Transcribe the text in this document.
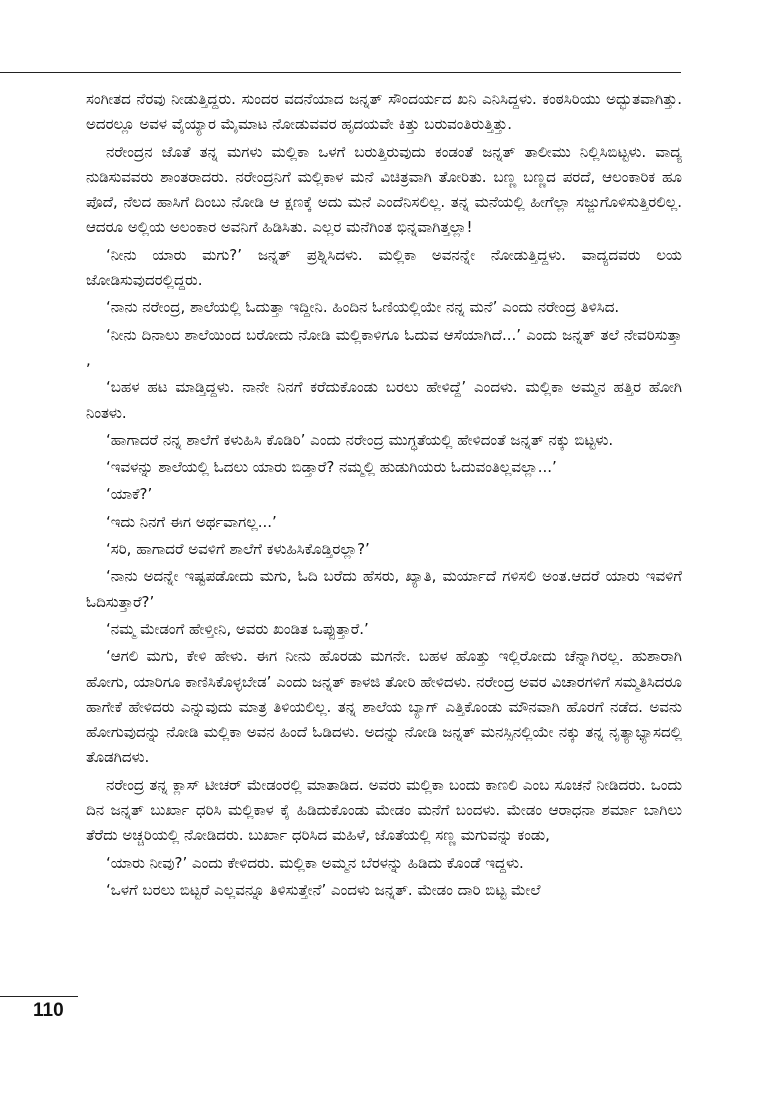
ಸಂಗೀತದ ನೆರವು ನೀಡುತ್ತಿದ್ದರು. ಸುಂದರ ವದನೆಯಾದ ಜನ್ನತ್ ಸೌಂದರ್ಯದ ಖನಿ ಎನಿಸಿದ್ದಳು. ಕಂಠಸಿರಿಯು ಅದ್ಭುತವಾಗಿತ್ತು. ಅದರಲ್ಲೂ ಅವಳ ವೈಯ್ಯಾರ ಮೈಮಾಟ ನೋಡುವವರ ಹೃದಯವೇ ಕಿತ್ತು ಬರುವಂತಿರುತ್ತಿತ್ತು.

ನರೇಂದ್ರನ ಜೊತೆ ತನ್ನ ಮಗಳು ಮಲ್ಲಿಕಾ ಒಳಗೆ ಬರುತ್ತಿರುವುದು ಕಂಡಂತೆ ಜನ್ನತ್ ತಾಲೀಮು ನಿಲ್ಲಿಸಿಬಿಟ್ಟಳು. ವಾದ್ಯ ನುಡಿಸುವವರು ಶಾಂತರಾದರು. ನರೇಂದ್ರನಿಗೆ ಮಲ್ಲಿಕಾಳ ಮನೆ ವಿಚಿತ್ರವಾಗಿ ತೋರಿತು. ಬಣ್ಣ ಬಣ್ಣದ ಪರದೆ, ಆಲಂಕಾರಿಕ ಹೂ ಪೊದೆ, ನೆಲದ ಹಾಸಿಗೆ ದಿಂಬು ನೋಡಿ ಆ ಕ್ಷಣಕ್ಕೆ ಅದು ಮನೆ ಎಂದೆನಿಸಲಿಲ್ಲ. ತನ್ನ ಮನೆಯಲ್ಲಿ ಹೀಗೆಲ್ಲಾ ಸಜ್ಜುಗೊಳಿಸುತ್ತಿರಲಿಲ್ಲ. ಆದರೂ ಅಲ್ಲಿಯ ಅಲಂಕಾರ ಅವನಿಗೆ ಹಿಡಿಸಿತು. ಎಲ್ಲರ ಮನೆಗಿಂತ ಭಿನ್ನವಾಗಿತ್ತಲ್ಲಾ!

‘ನೀನು ಯಾರು ಮಗು?’ ಜನ್ನತ್ ಪ್ರಶ್ನಿಸಿದಳು. ಮಲ್ಲಿಕಾ ಅವನನ್ನೇ ನೋಡುತ್ತಿದ್ದಳು. ವಾದ್ಯದವರು ಲಯ ಜೋಡಿಸುವುದರಲ್ಲಿದ್ದರು.

‘ನಾನು ನರೇಂದ್ರ, ಶಾಲೆಯಲ್ಲಿ ಓದುತ್ತಾ ಇದ್ದೀನಿ. ಹಿಂದಿನ ಓಣಿಯಲ್ಲಿಯೇ ನನ್ನ ಮನೆ’ ಎಂದು ನರೇಂದ್ರ ತಿಳಿಸಿದ.

‘ನೀನು ದಿನಾಲು ಶಾಲೆಯಿಂದ ಬರೋದು ನೋಡಿ ಮಲ್ಲಿಕಾಳಿಗೂ ಓದುವ ಆಸೆಯಾಗಿದೆ...’ ಎಂದು ಜನ್ನತ್ ತಲೆ ನೇವರಿಸುತ್ತಾ ,

‘ಬಹಳ ಹಟ ಮಾಡ್ತಿದ್ದಳು. ನಾನೇ ನಿನಗೆ ಕರೆದುಕೊಂಡು ಬರಲು ಹೇಳಿದ್ದೆ’ ಎಂದಳು. ಮಲ್ಲಿಕಾ ಅಮ್ಮನ ಹತ್ತಿರ ಹೋಗಿ ನಿಂತಳು.

‘ಹಾಗಾದರೆ ನನ್ನ ಶಾಲೆಗೆ ಕಳುಹಿಸಿ ಕೊಡಿರಿ’ ಎಂದು ನರೇಂದ್ರ ಮುಗ್ಧತೆಯಲ್ಲಿ ಹೇಳಿದಂತೆ ಜನ್ನತ್ ನಕ್ಕು ಬಿಟ್ಟಳು.

‘ಇವಳನ್ನು ಶಾಲೆಯಲ್ಲಿ ಓದಲು ಯಾರು ಬಿಡ್ತಾರೆ? ನಮ್ಮಲ್ಲಿ ಹುಡುಗಿಯರು ಓದುವಂತಿಲ್ಲವಲ್ಲಾ...’

‘ಯಾಕೆ?’

‘ಇದು ನಿನಗೆ ಈಗ ಅರ್ಥವಾಗಲ್ಲ...’

‘ಸರಿ, ಹಾಗಾದರೆ ಅವಳಿಗೆ ಶಾಲೆಗೆ ಕಳುಹಿಸಿಕೊಡ್ತಿರಲ್ಲಾ?’

‘ನಾನು ಅದನ್ನೇ ಇಷ್ಟಪಡೋದು ಮಗು, ಓದಿ ಬರೆದು ಹೆಸರು, ಖ್ಯಾತಿ, ಮರ್ಯಾದೆ ಗಳಿಸಲಿ ಅಂತ.ಆದರೆ ಯಾರು ಇವಳಿಗೆ ಓದಿಸುತ್ತಾರೆ?’

‘ನಮ್ಮ ಮೇಡಂಗೆ ಹೇಳ್ತೀನಿ, ಅವರು ಖಂಡಿತ ಒಪ್ಪುತ್ತಾರೆ.’

‘ಆಗಲಿ ಮಗು, ಕೇಳಿ ಹೇಳು. ಈಗ ನೀನು ಹೊರಡು ಮಗನೇ. ಬಹಳ ಹೊತ್ತು ಇಲ್ಲಿರೋದು ಚೆನ್ನಾಗಿರಲ್ಲ. ಹುಶಾರಾಗಿ ಹೋಗು, ಯಾರಿಗೂ ಕಾಣಿಸಿಕೊಳ್ಳಬೇಡ’ ಎಂದು ಜನ್ನತ್ ಕಾಳಜಿ ತೋರಿ ಹೇಳಿದಳು. ನರೇಂದ್ರ ಅವರ ವಿಚಾರಗಳಿಗೆ ಸಮ್ಮತಿಸಿದರೂ ಹಾಗೇಕೆ ಹೇಳಿದರು ಎನ್ನುವುದು ಮಾತ್ರ ತಿಳಿಯಲಿಲ್ಲ. ತನ್ನ ಶಾಲೆಯ ಬ್ಯಾಗ್ ಎತ್ತಿಕೊಂಡು ಮೌನವಾಗಿ ಹೊರಗೆ ನಡೆದ. ಅವನು ಹೋಗುವುದನ್ನು ನೋಡಿ ಮಲ್ಲಿಕಾ ಅವನ ಹಿಂದೆ ಓಡಿದಳು. ಅದನ್ನು ನೋಡಿ ಜನ್ನತ್ ಮನಸ್ಸಿನಲ್ಲಿಯೇ ನಕ್ಕು ತನ್ನ ನೃತ್ಯಾಭ್ಯಾಸದಲ್ಲಿ ತೊಡಗಿದಳು.

ನರೇಂದ್ರ ತನ್ನ ಕ್ಲಾಸ್ ಟೀಚರ್ ಮೇಡಂರಲ್ಲಿ ಮಾತಾಡಿದ. ಅವರು ಮಲ್ಲಿಕಾ ಬಂದು ಕಾಣಲಿ ಎಂಬ ಸೂಚನೆ ನೀಡಿದರು. ಒಂದು ದಿನ ಜನ್ನತ್ ಬುರ್ಖಾ ಧರಿಸಿ ಮಲ್ಲಿಕಾಳ ಕೈ ಹಿಡಿದುಕೊಂಡು ಮೇಡಂ ಮನೆಗೆ ಬಂದಳು. ಮೇಡಂ ಆರಾಧನಾ ಶರ್ಮಾ ಬಾಗಿಲು ತೆರೆದು ಅಚ್ಚರಿಯಲ್ಲಿ ನೋಡಿದರು. ಬುರ್ಖಾ ಧರಿಸಿದ ಮಹಿಳೆ, ಜೊತೆಯಲ್ಲಿ ಸಣ್ಣ ಮಗುವನ್ನು ಕಂಡು,

‘ಯಾರು ನೀವು?’ ಎಂದು ಕೇಳಿದರು. ಮಲ್ಲಿಕಾ ಅಮ್ಮನ ಬೆರಳನ್ನು ಹಿಡಿದು ಕೊಂಡೆ ಇದ್ದಳು.

‘ಒಳಗೆ ಬರಲು ಬಿಟ್ಟರೆ ಎಲ್ಲವನ್ನೂ ತಿಳಿಸುತ್ತೇನೆ’ ಎಂದಳು ಜನ್ನತ್. ಮೇಡಂ ದಾರಿ ಬಿಟ್ಟ ಮೇಲೆ

110
